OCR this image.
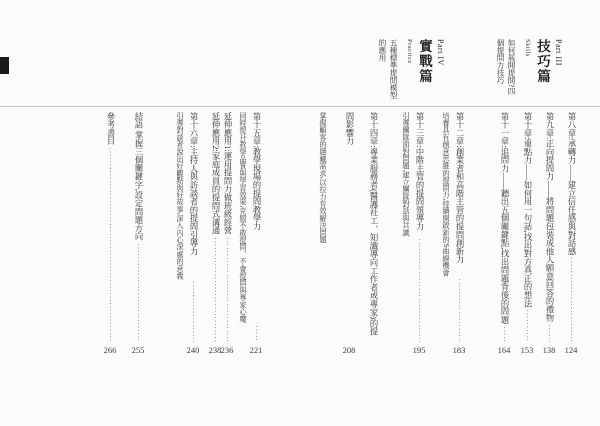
Part III
技巧篇
Skills
如何展開提問?四個提問力技巧
Part IV
實戰篇
Practice
五種標準提問模型的應用
第八章:承轉力——建立信任感與對話感
124
第九章:正向提問力——將問題包裝成他人願意回答的禮物
138
第十章:重點力——如何用一句話,找出對方真正的想法
153
第十一章:追問力——聽出五個關鍵點,找出問題背後的問題
164
第十二章:創業者和高階主管的提問創新力
培養具有創意思維的提問力,持續開啟新的S曲線機會
183
第十三章:中階主管的提問領導力
引導團隊面對問題,建立團隊對話與共識
195
第十四章:專業服務者(醫護社工、知識導向工作者或專家)的提問影響力
掌握顧客的隱藏需求,以拉力有效解決問題
208
第十五章:教學現場的提問教學力
同時提升教學品質與學習效果,克服不敢提問、不會提問與專家心魔
221
延伸應用1:運用提問力做班級經營
236
延伸應用2:家庭成員的提問式溝通
238
第十六章:主持人與訪談者的提問引導力
引導對談者說出好觀點與好故事,深入內心深處的意義
240
結語 掌握三個關鍵字,設定問題方向
255
參考書目
266
